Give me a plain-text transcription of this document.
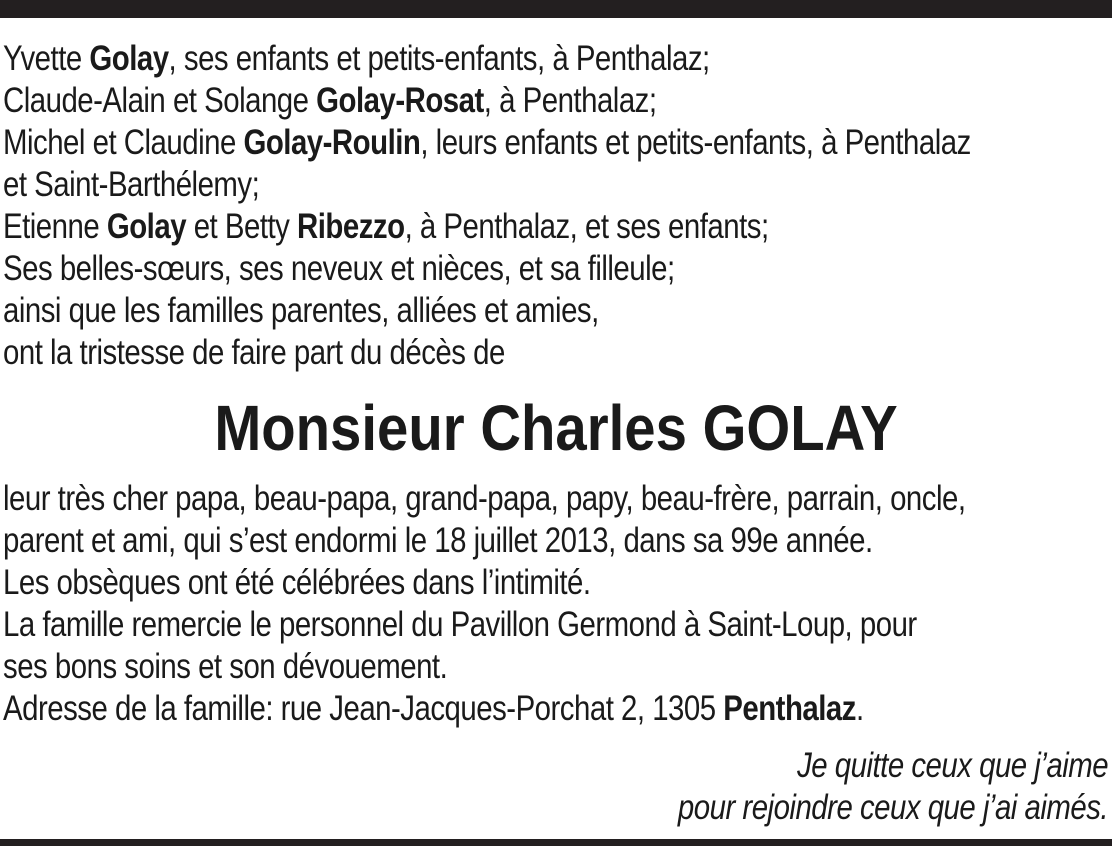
Yvette Golay, ses enfants et petits-enfants, à Penthalaz;
Claude-Alain et Solange Golay-Rosat, à Penthalaz;
Michel et Claudine Golay-Roulin, leurs enfants et petits-enfants, à Penthalaz
et Saint-Barthélemy;
Etienne Golay et Betty Ribezzo, à Penthalaz, et ses enfants;
Ses belles-sœurs, ses neveux et nièces, et sa filleule;
ainsi que les familles parentes, alliées et amies,
ont la tristesse de faire part du décès de
Monsieur Charles GOLAY
leur très cher papa, beau-papa, grand-papa, papy, beau-frère, parrain, oncle,
parent et ami, qui s’est endormi le 18 juillet 2013, dans sa 99e année.
Les obsèques ont été célébrées dans l’intimité.
La famille remercie le personnel du Pavillon Germond à Saint-Loup, pour
ses bons soins et son dévouement.
Adresse de la famille: rue Jean-Jacques-Porchat 2, 1305 Penthalaz.
Je quitte ceux que j’aime
pour rejoindre ceux que j’ai aimés.
